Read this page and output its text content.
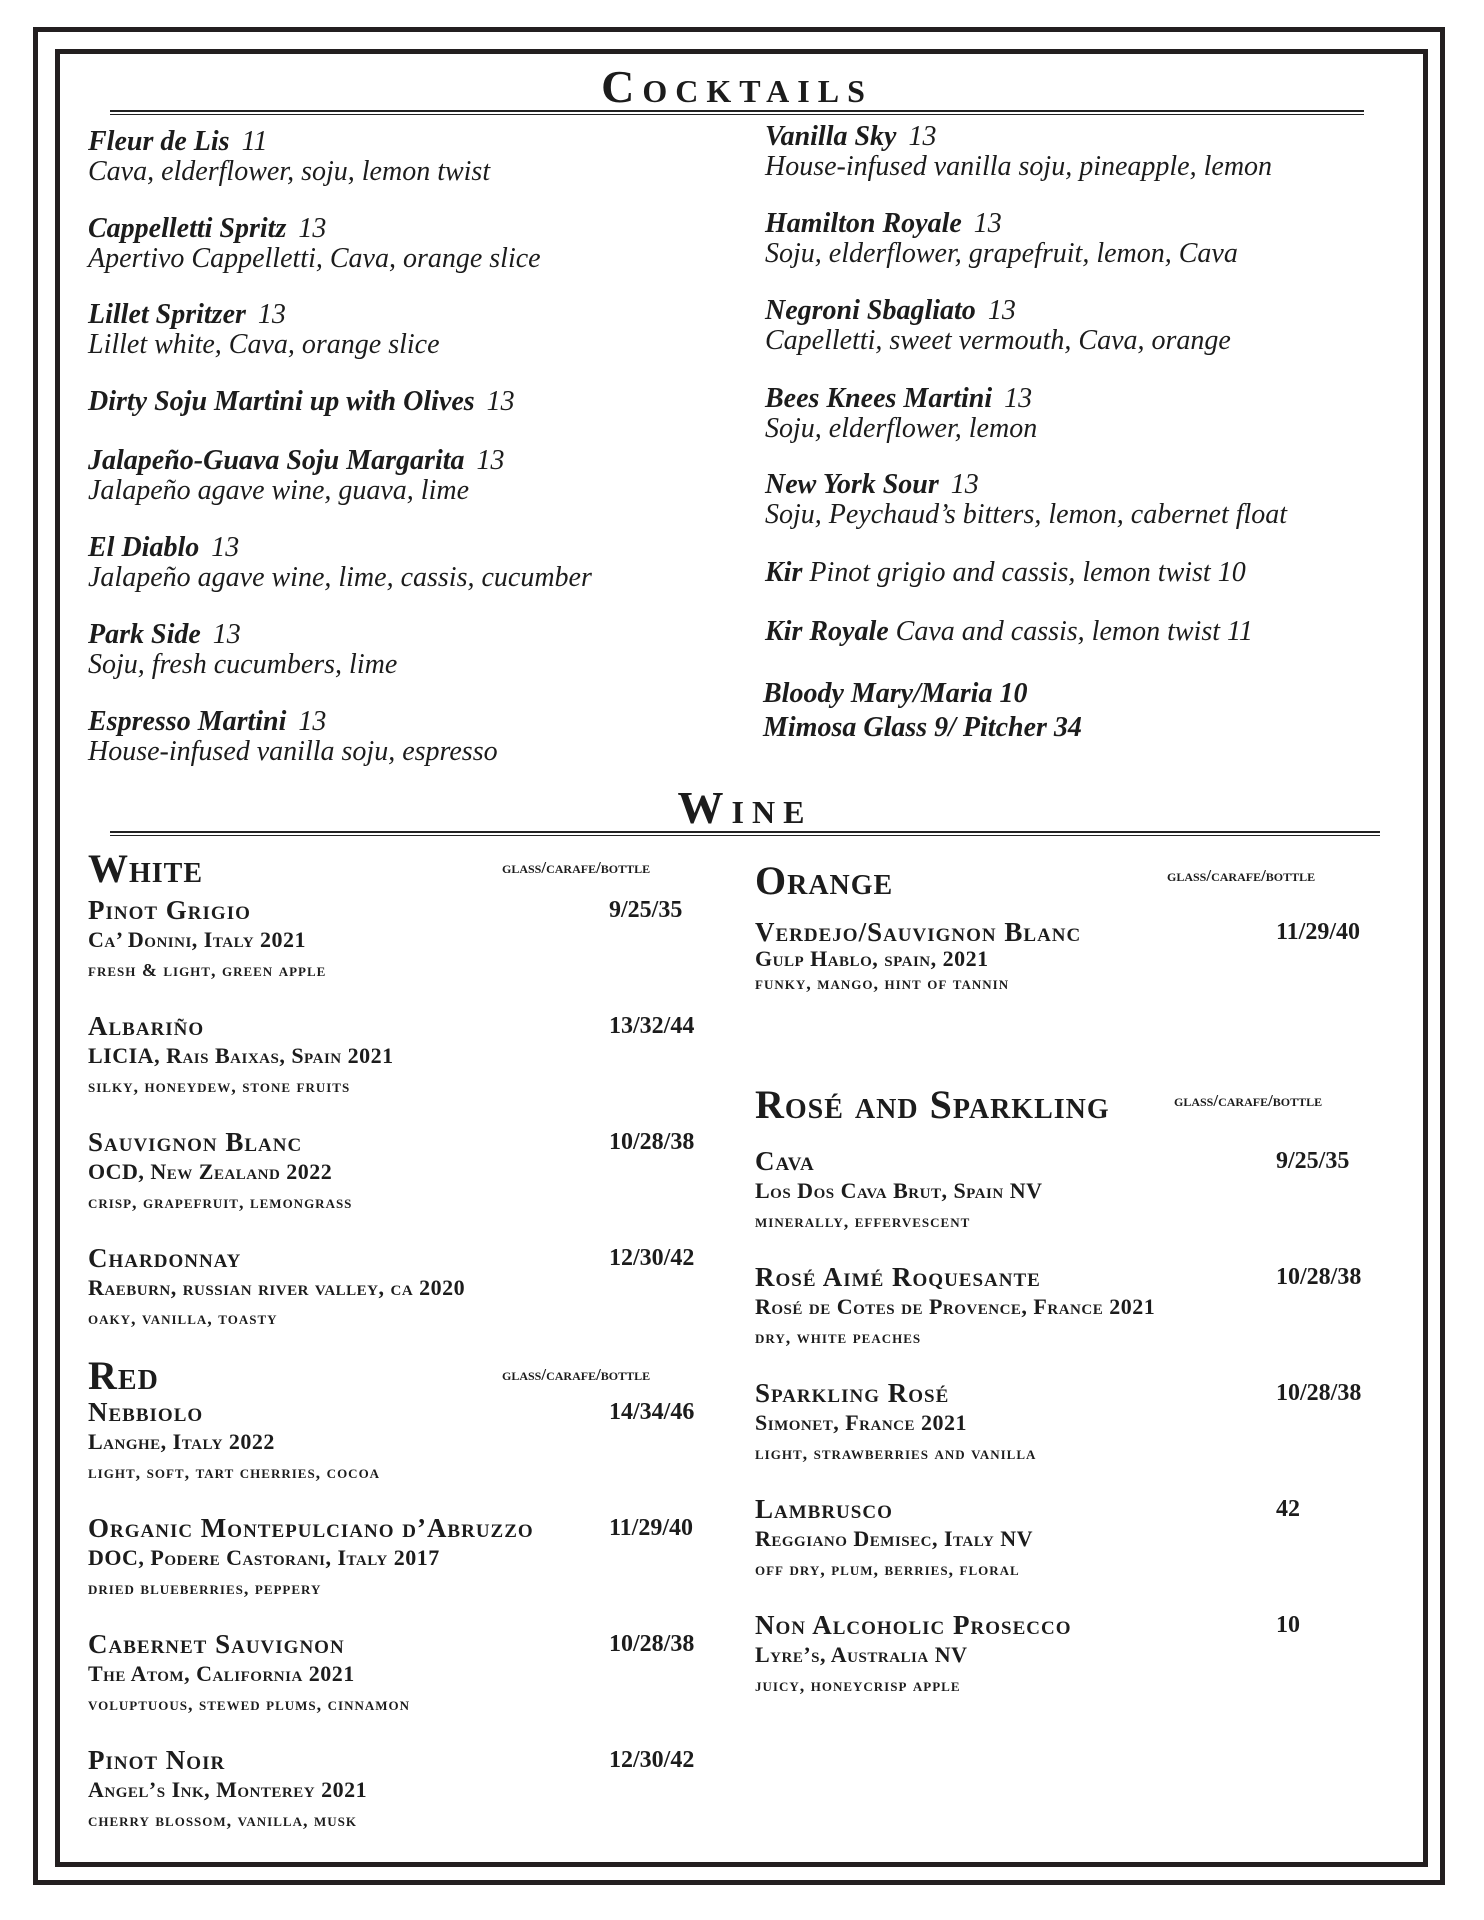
Cocktails
Wine
Fleur de Lis 11
Cava, elderflower, soju, lemon twist
Cappelletti Spritz 13
Apertivo Cappelletti, Cava, orange slice
Lillet Spritzer 13
Lillet white, Cava, orange slice
Dirty Soju Martini up with Olives 13
Jalapeño-Guava Soju Margarita 13
Jalapeño agave wine, guava, lime
El Diablo 13
Jalapeño agave wine, lime, cassis, cucumber
Park Side 13
Soju, fresh cucumbers, lime
Espresso Martini 13
House-infused vanilla soju, espresso
Vanilla Sky 13
House-infused vanilla soju, pineapple, lemon
Hamilton Royale 13
Soju, elderflower, grapefruit, lemon, Cava
Negroni Sbagliato 13
Capelletti, sweet vermouth, Cava, orange
Bees Knees Martini 13
Soju, elderflower, lemon
New York Sour 13
Soju, Peychaud’s bitters, lemon, cabernet float
Kir Pinot grigio and cassis, lemon twist 10
Kir Royale Cava and cassis, lemon twist 11
Bloody Mary/Maria 10
Mimosa Glass 9/ Pitcher 34
White	glass/carafe/bottle
Pinot Grigio
Ca’ Donini, Italy 2021
fresh & light, green apple
9/25/35
Albariño
LICIA, Rais Baixas, Spain 2021
silky, honeydew, stone fruits
13/32/44
Sauvignon Blanc
OCD, New Zealand 2022
crisp, grapefruit, lemongrass
10/28/38
Chardonnay
Raeburn, russian river valley, ca 2020
oaky, vanilla, toasty
12/30/42
Red	glass/carafe/bottle
Nebbiolo
Langhe, Italy 2022
light, soft, tart cherries, cocoa
14/34/46
Organic Montepulciano d’Abruzzo
DOC, Podere Castorani, Italy 2017
dried blueberries, peppery
11/29/40
Cabernet Sauvignon
The Atom, California 2021
voluptuous, stewed plums, cinnamon
10/28/38
Pinot Noir
Angel’s Ink, Monterey 2021
cherry blossom, vanilla, musk
12/30/42
Orange	glass/carafe/bottle
Verdejo/Sauvignon Blanc
Gulp Hablo, spain, 2021
funky, mango, hint of tannin
11/29/40
Rosé and Sparkling	glass/carafe/bottle
Cava
Los Dos Cava Brut, Spain NV
minerally, effervescent
9/25/35
Rosé Aimé Roquesante
Rosé de Cotes de Provence, France 2021
dry, white peaches
10/28/38
Sparkling Rosé
Simonet, France 2021
light, strawberries and vanilla
10/28/38
Lambrusco
Reggiano Demisec, Italy NV
off dry, plum, berries, floral
42
Non Alcoholic Prosecco
Lyre’s, Australia NV
juicy, honeycrisp apple
10
